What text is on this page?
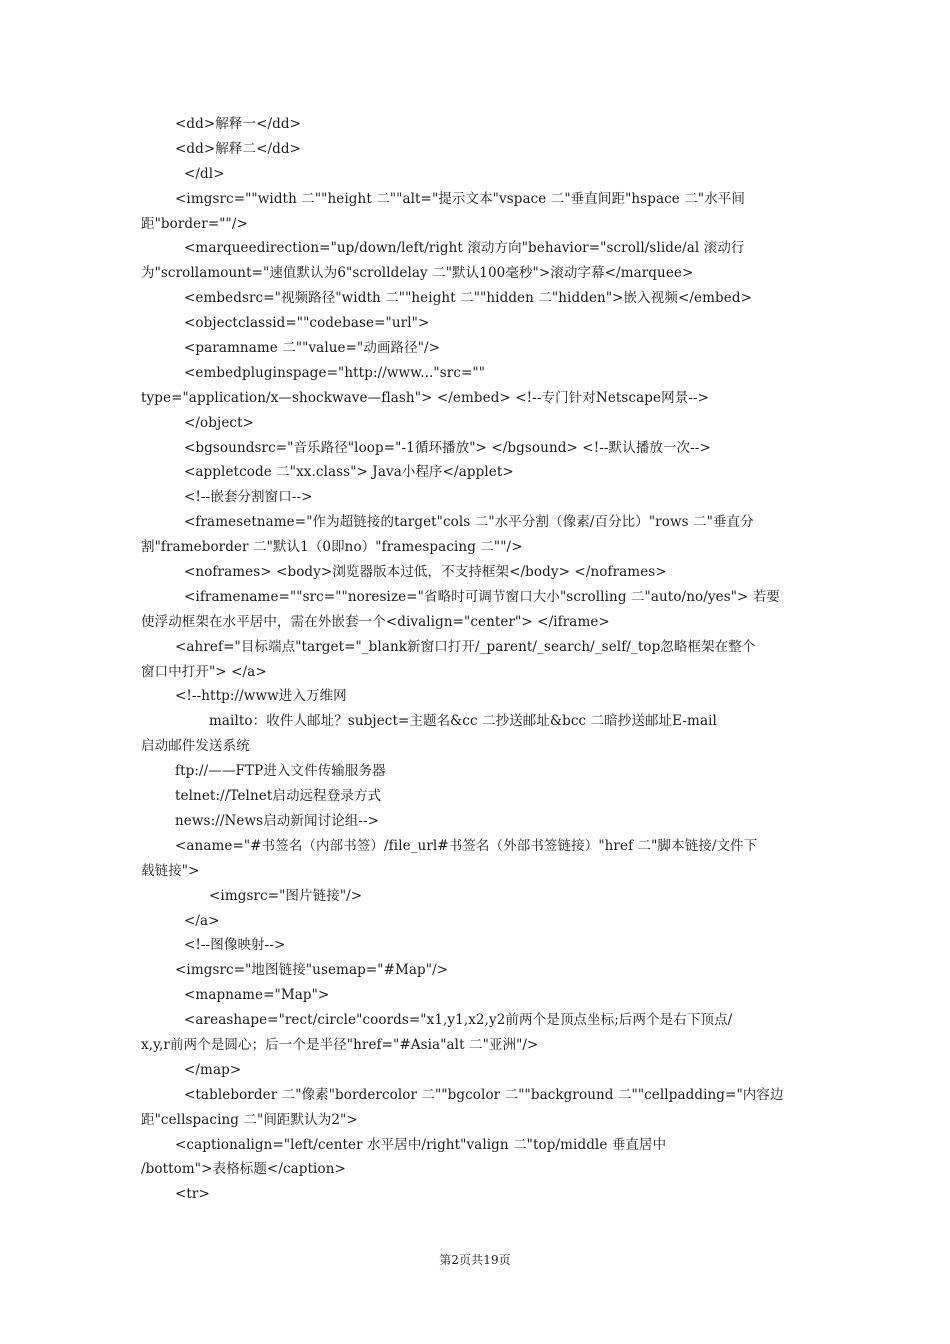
<dd>解释一</dd>
<dd>解释二</dd>
</dl>
<imgsrc=""width 二""height 二""alt="提示文本"vspace 二"垂直间距"hspace 二"水平间
距"border=""/>
<marqueedirection="up/down/left/right 滚动方向"behavior="scroll/slide/al 滚动行
为"scrollamount="速值默认为6"scrolldelay 二"默认100毫秒">滚动字幕</marquee>
<embedsrc="视频路径"width 二""height 二""hidden 二"hidden">嵌入视频</embed>
<objectclassid=""codebase="url">
<paramname 二""value="动画路径"/>
<embedpluginspage="http://www..."src=""
type="application/x—shockwave—flash"> </embed> <!--专门针对Netscape网景-->
</object>
<bgsoundsrc="音乐路径"loop="-1循环播放"> </bgsound> <!--默认播放一次-->
<appletcode 二"xx.class"> Java小程序</applet>
<!--嵌套分割窗口-->
<framesetname="作为超链接的target"cols 二"水平分割（像素/百分比）"rows 二"垂直分
割"frameborder 二"默认1（0即no）"framespacing 二""/>
<noframes> <body>浏览器版本过低，不支持框架</body> </noframes>
<iframename=""src=""noresize="省略时可调节窗口大小"scrolling 二"auto/no/yes"> 若要
使浮动框架在水平居中，需在外嵌套一个<divalign="center"> </iframe>
<ahref="目标端点"target="_blank新窗口打开/_parent/_search/_self/_top忽略框架在整个
窗口中打开"> </a>
<!--http://www进入万维网
mailto：收件人邮址？subject=主题名&cc 二抄送邮址&bcc 二暗抄送邮址E-mail
启动邮件发送系统
ftp://——FTP进入文件传输服务器
telnet://Telnet启动远程登录方式
news://News启动新闻讨论组-->
<aname="#书签名（内部书签）/file_url#书签名（外部书签链接）"href 二"脚本链接/文件下
载链接">
<imgsrc="图片链接"/>
</a>
<!--图像映射-->
<imgsrc="地图链接"usemap="#Map"/>
<mapname="Map">
<areashape="rect/circle"coords="x1,y1,x2,y2前两个是顶点坐标;后两个是右下顶点/
x,y,r前两个是圆心；后一个是半径"href="#Asia"alt 二"亚洲"/>
</map>
<tableborder 二"像素"bordercolor 二""bgcolor 二""background 二""cellpadding="内容边
距"cellspacing 二"间距默认为2">
<captionalign="left/center 水平居中/right"valign 二"top/middle 垂直居中
/bottom">表格标题</caption>
<tr>
第2页共19页
